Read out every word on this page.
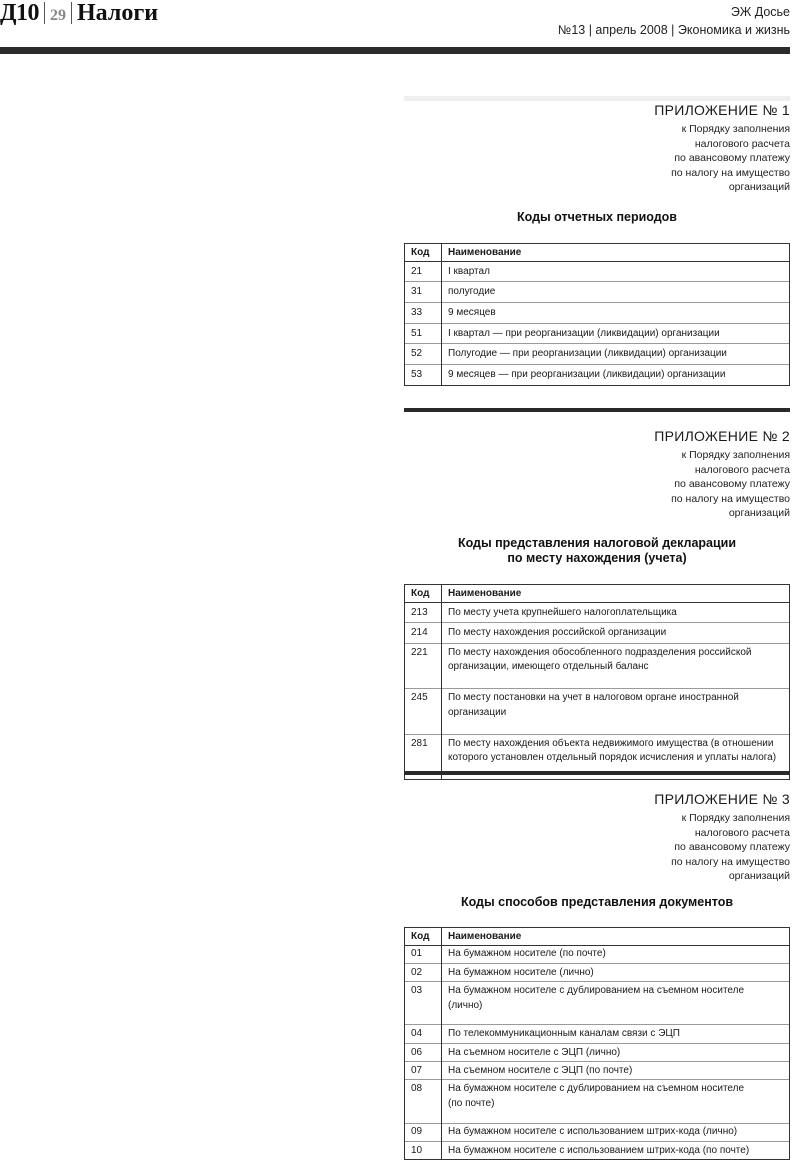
Д10 29 Налоги	ЭЖ Досье
№13 | апрель 2008 | Экономика и жизнь
ПРИЛОЖЕНИЕ № 1
к Порядку заполнения
налогового расчета
по авансовому платежу
по налогу на имущество
организаций
Коды отчетных периодов
Код	Наименование
21	I квартал

31	полугодие

33	9 месяцев

51	I квартал — при реорганизации (ликвидации) организации

52	Полугодие — при реорганизации (ликвидации) организации

53	9 месяцев — при реорганизации (ликвидации) организации
ПРИЛОЖЕНИЕ № 2
к Порядку заполнения
налогового расчета
по авансовому платежу
по налогу на имущество
организаций
Коды представления налоговой декларации
по месту нахождения (учета)
Код	Наименование
213	По месту учета крупнейшего налогоплательщика

214	По месту нахождения российской организации

221	По месту нахождения обособленного подразделения российской
организации, имеющего отдельный баланс

245	По месту постановки на учет в налоговом органе иностранной
организации

281	По месту нахождения объекта недвижимого имущества (в отношении
которого установлен отдельный порядок исчисления и уплаты налога)
ПРИЛОЖЕНИЕ № 3
к Порядку заполнения
налогового расчета
по авансовому платежу
по налогу на имущество
организаций
Коды способов представления документов
Код	Наименование
01	На бумажном носителе (по почте)

02	На бумажном носителе (лично)

03	На бумажном носителе с дублированием на съемном носителе
(лично)

04	По телекоммуникационным каналам связи с ЭЦП

06	На съемном носителе с ЭЦП (лично)

07	На съемном носителе с ЭЦП (по почте)

08	На бумажном носителе с дублированием на съемном носителе
(по почте)

09	На бумажном носителе с использованием штрих-кода (лично)

10	На бумажном носителе с использованием штрих-кода (по почте)
